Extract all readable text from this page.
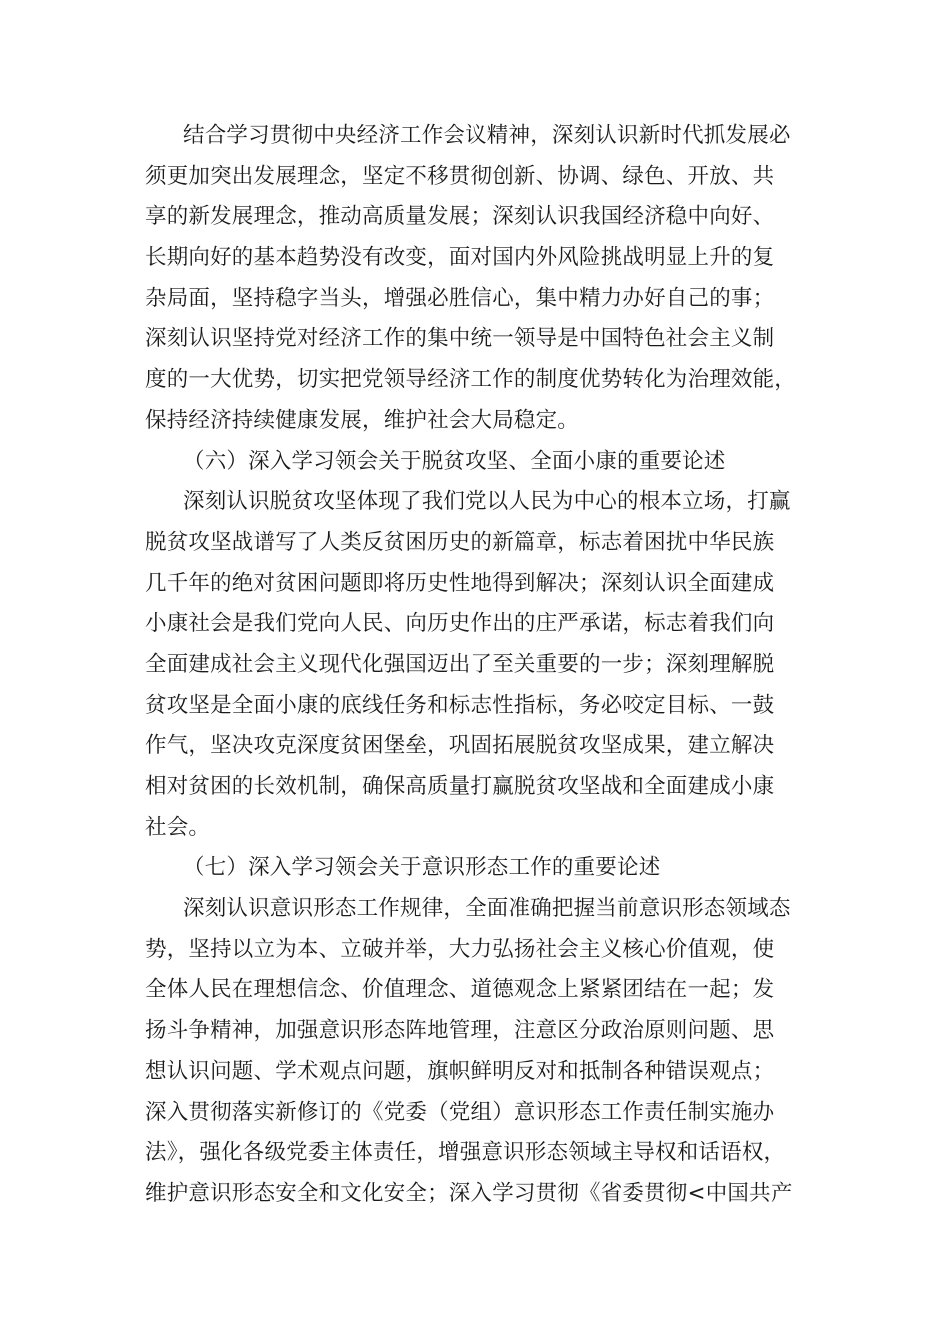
结合学习贯彻中央经济工作会议精神，深刻认识新时代抓发展必
须更加突出发展理念，坚定不移贯彻创新、协调、绿色、开放、共
享的新发展理念，推动高质量发展；深刻认识我国经济稳中向好、
长期向好的基本趋势没有改变，面对国内外风险挑战明显上升的复
杂局面，坚持稳字当头，增强必胜信心，集中精力办好自己的事；
深刻认识坚持党对经济工作的集中统一领导是中国特色社会主义制
度的一大优势，切实把党领导经济工作的制度优势转化为治理效能，
保持经济持续健康发展，维护社会大局稳定。
（六）深入学习领会关于脱贫攻坚、全面小康的重要论述
深刻认识脱贫攻坚体现了我们党以人民为中心的根本立场，打赢
脱贫攻坚战谱写了人类反贫困历史的新篇章，标志着困扰中华民族
几千年的绝对贫困问题即将历史性地得到解决；深刻认识全面建成
小康社会是我们党向人民、向历史作出的庄严承诺，标志着我们向
全面建成社会主义现代化强国迈出了至关重要的一步；深刻理解脱
贫攻坚是全面小康的底线任务和标志性指标，务必咬定目标、一鼓
作气，坚决攻克深度贫困堡垒，巩固拓展脱贫攻坚成果，建立解决
相对贫困的长效机制，确保高质量打赢脱贫攻坚战和全面建成小康
社会。
（七）深入学习领会关于意识形态工作的重要论述
深刻认识意识形态工作规律，全面准确把握当前意识形态领域态
势，坚持以立为本、立破并举，大力弘扬社会主义核心价值观，使
全体人民在理想信念、价值理念、道德观念上紧紧团结在一起；发
扬斗争精神，加强意识形态阵地管理，注意区分政治原则问题、思
想认识问题、学术观点问题，旗帜鲜明反对和抵制各种错误观点；
深入贯彻落实新修订的《党委（党组）意识形态工作责任制实施办
法》，强化各级党委主体责任，增强意识形态领域主导权和话语权，
维护意识形态安全和文化安全；深入学习贯彻《省委贯彻<中国共产
